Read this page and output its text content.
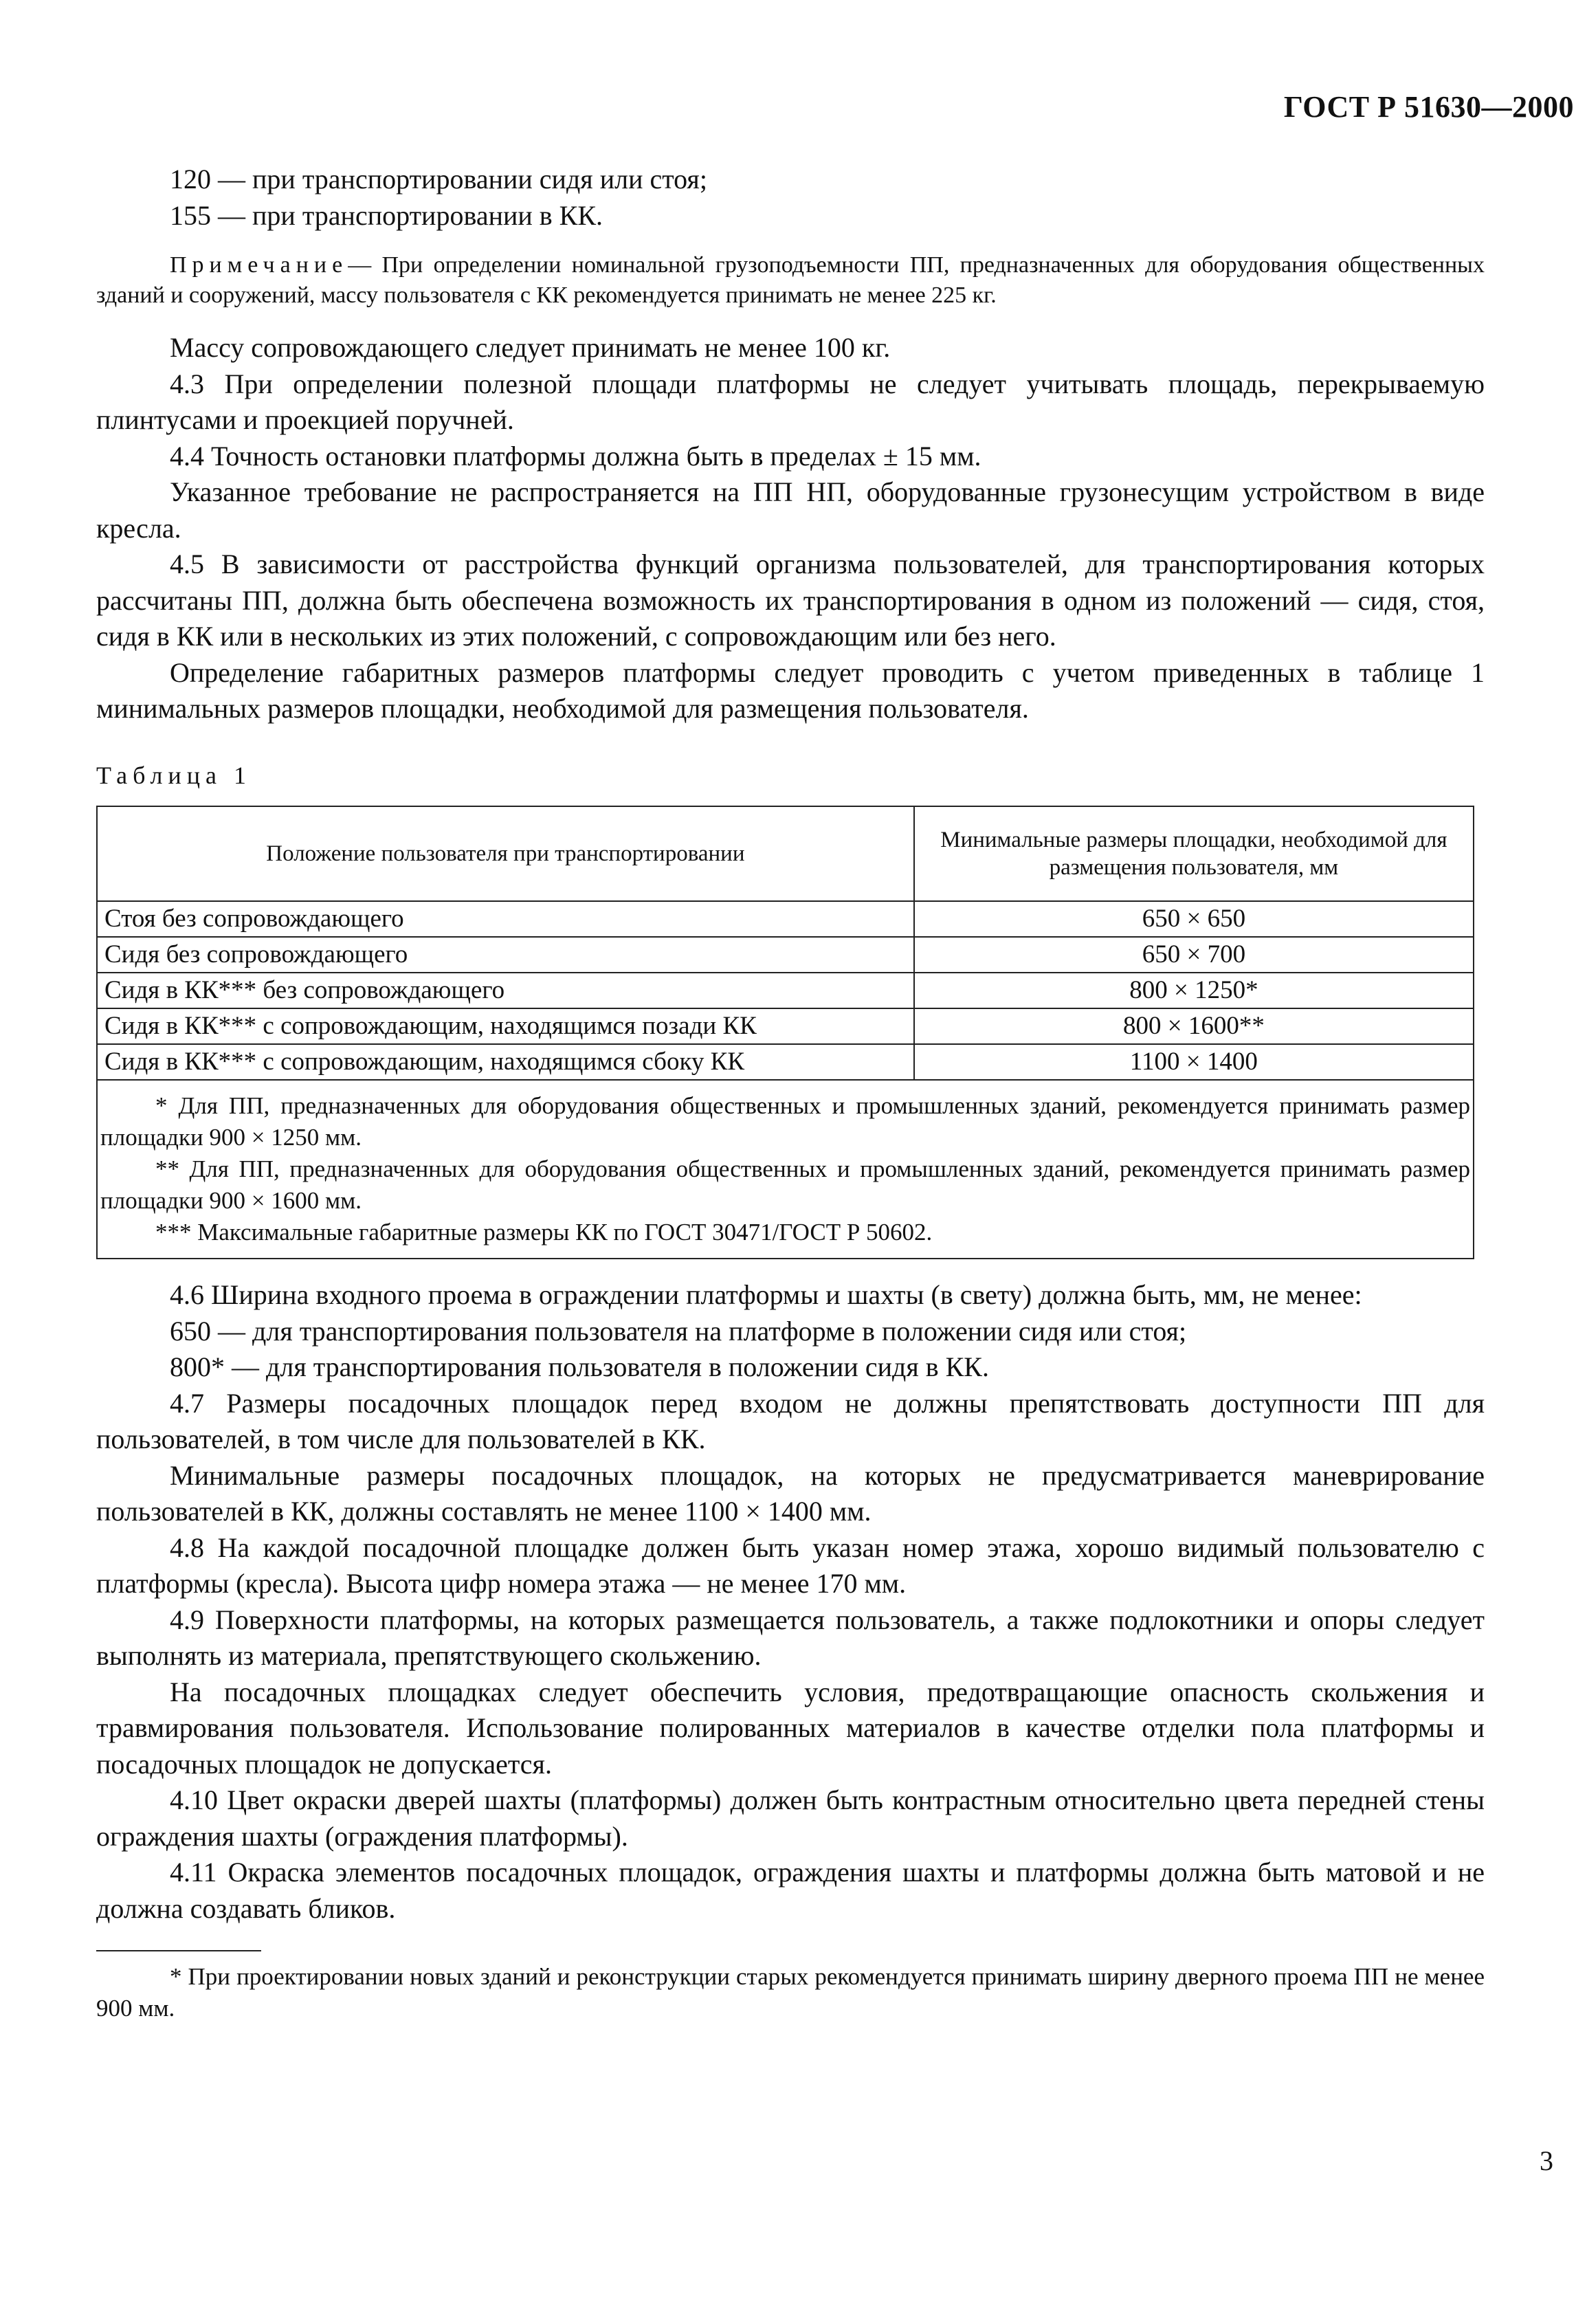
ГОСТ Р 51630—2000

120 — при транспортировании сидя или стоя;

155 — при транспортировании в КК.

Примечание— При определении номинальной грузоподъемности ПП, предназначенных для оборудования общественных зданий и сооружений, массу пользователя с КК рекомендуется принимать не менее 225 кг.

Массу сопровождающего следует принимать не менее 100 кг.

4.3 При определении полезной площади платформы не следует учитывать площадь, перекрываемую плинтусами и проекцией поручней.

4.4 Точность остановки платформы должна быть в пределах ± 15 мм.

Указанное требование не распространяется на ПП НП, оборудованные грузонесущим устройством в виде кресла.

4.5 В зависимости от расстройства функций организма пользователей, для транспортирования которых рассчитаны ПП, должна быть обеспечена возможность их транспортирования в одном из положений — сидя, стоя, сидя в КК или в нескольких из этих положений, с сопровождающим или без него.

Определение габаритных размеров платформы следует проводить с учетом приведенных в таблице 1 минимальных размеров площадки, необходимой для размещения пользователя.

Таблица 1
Положение пользователя при транспортировании	Минимальные размеры площадки, необходимой для размещения пользователя, мм
Стоя без сопровождающего	650 × 650
Сидя без сопровождающего	650 × 700
Сидя в КК*** без сопровождающего	800 × 1250*
Сидя в КК*** с сопровождающим, находящимся позади КК	800 × 1600**
Сидя в КК*** с сопровождающим, находящимся сбоку КК	1100 × 1400

* Для ПП, предназначенных для оборудования общественных и промышленных зданий, рекомендуется принимать размер площадки 900 × 1250 мм.

** Для ПП, предназначенных для оборудования общественных и промышленных зданий, рекомендуется принимать размер площадки 900 × 1600 мм.

*** Максимальные габаритные размеры КК по ГОСТ 30471/ГОСТ Р 50602.	

4.6 Ширина входного проема в ограждении платформы и шахты (в свету) должна быть, мм, не менее:

650 — для транспортирования пользователя на платформе в положении сидя или стоя;

800* — для транспортирования пользователя в положении сидя в КК.

4.7 Размеры посадочных площадок перед входом не должны препятствовать доступности ПП для пользователей, в том числе для пользователей в КК.

Минимальные размеры посадочных площадок, на которых не предусматривается маневрирование пользователей в КК, должны составлять не менее 1100 × 1400 мм.

4.8 На каждой посадочной площадке должен быть указан номер этажа, хорошо видимый пользователю с платформы (кресла). Высота цифр номера этажа — не менее 170 мм.

4.9 Поверхности платформы, на которых размещается пользователь, а также подлокотники и опоры следует выполнять из материала, препятствующего скольжению.

На посадочных площадках следует обеспечить условия, предотвращающие опасность скольжения и травмирования пользователя. Использование полированных материалов в качестве отделки пола платформы и посадочных площадок не допускается.

4.10 Цвет окраски дверей шахты (платформы) должен быть контрастным относительно цвета передней стены ограждения шахты (ограждения платформы).

4.11 Окраска элементов посадочных площадок, ограждения шахты и платформы должна быть матовой и не должна создавать бликов.

* При проектировании новых зданий и реконструкции старых рекомендуется принимать ширину дверного проема ПП не менее 900 мм.

3
